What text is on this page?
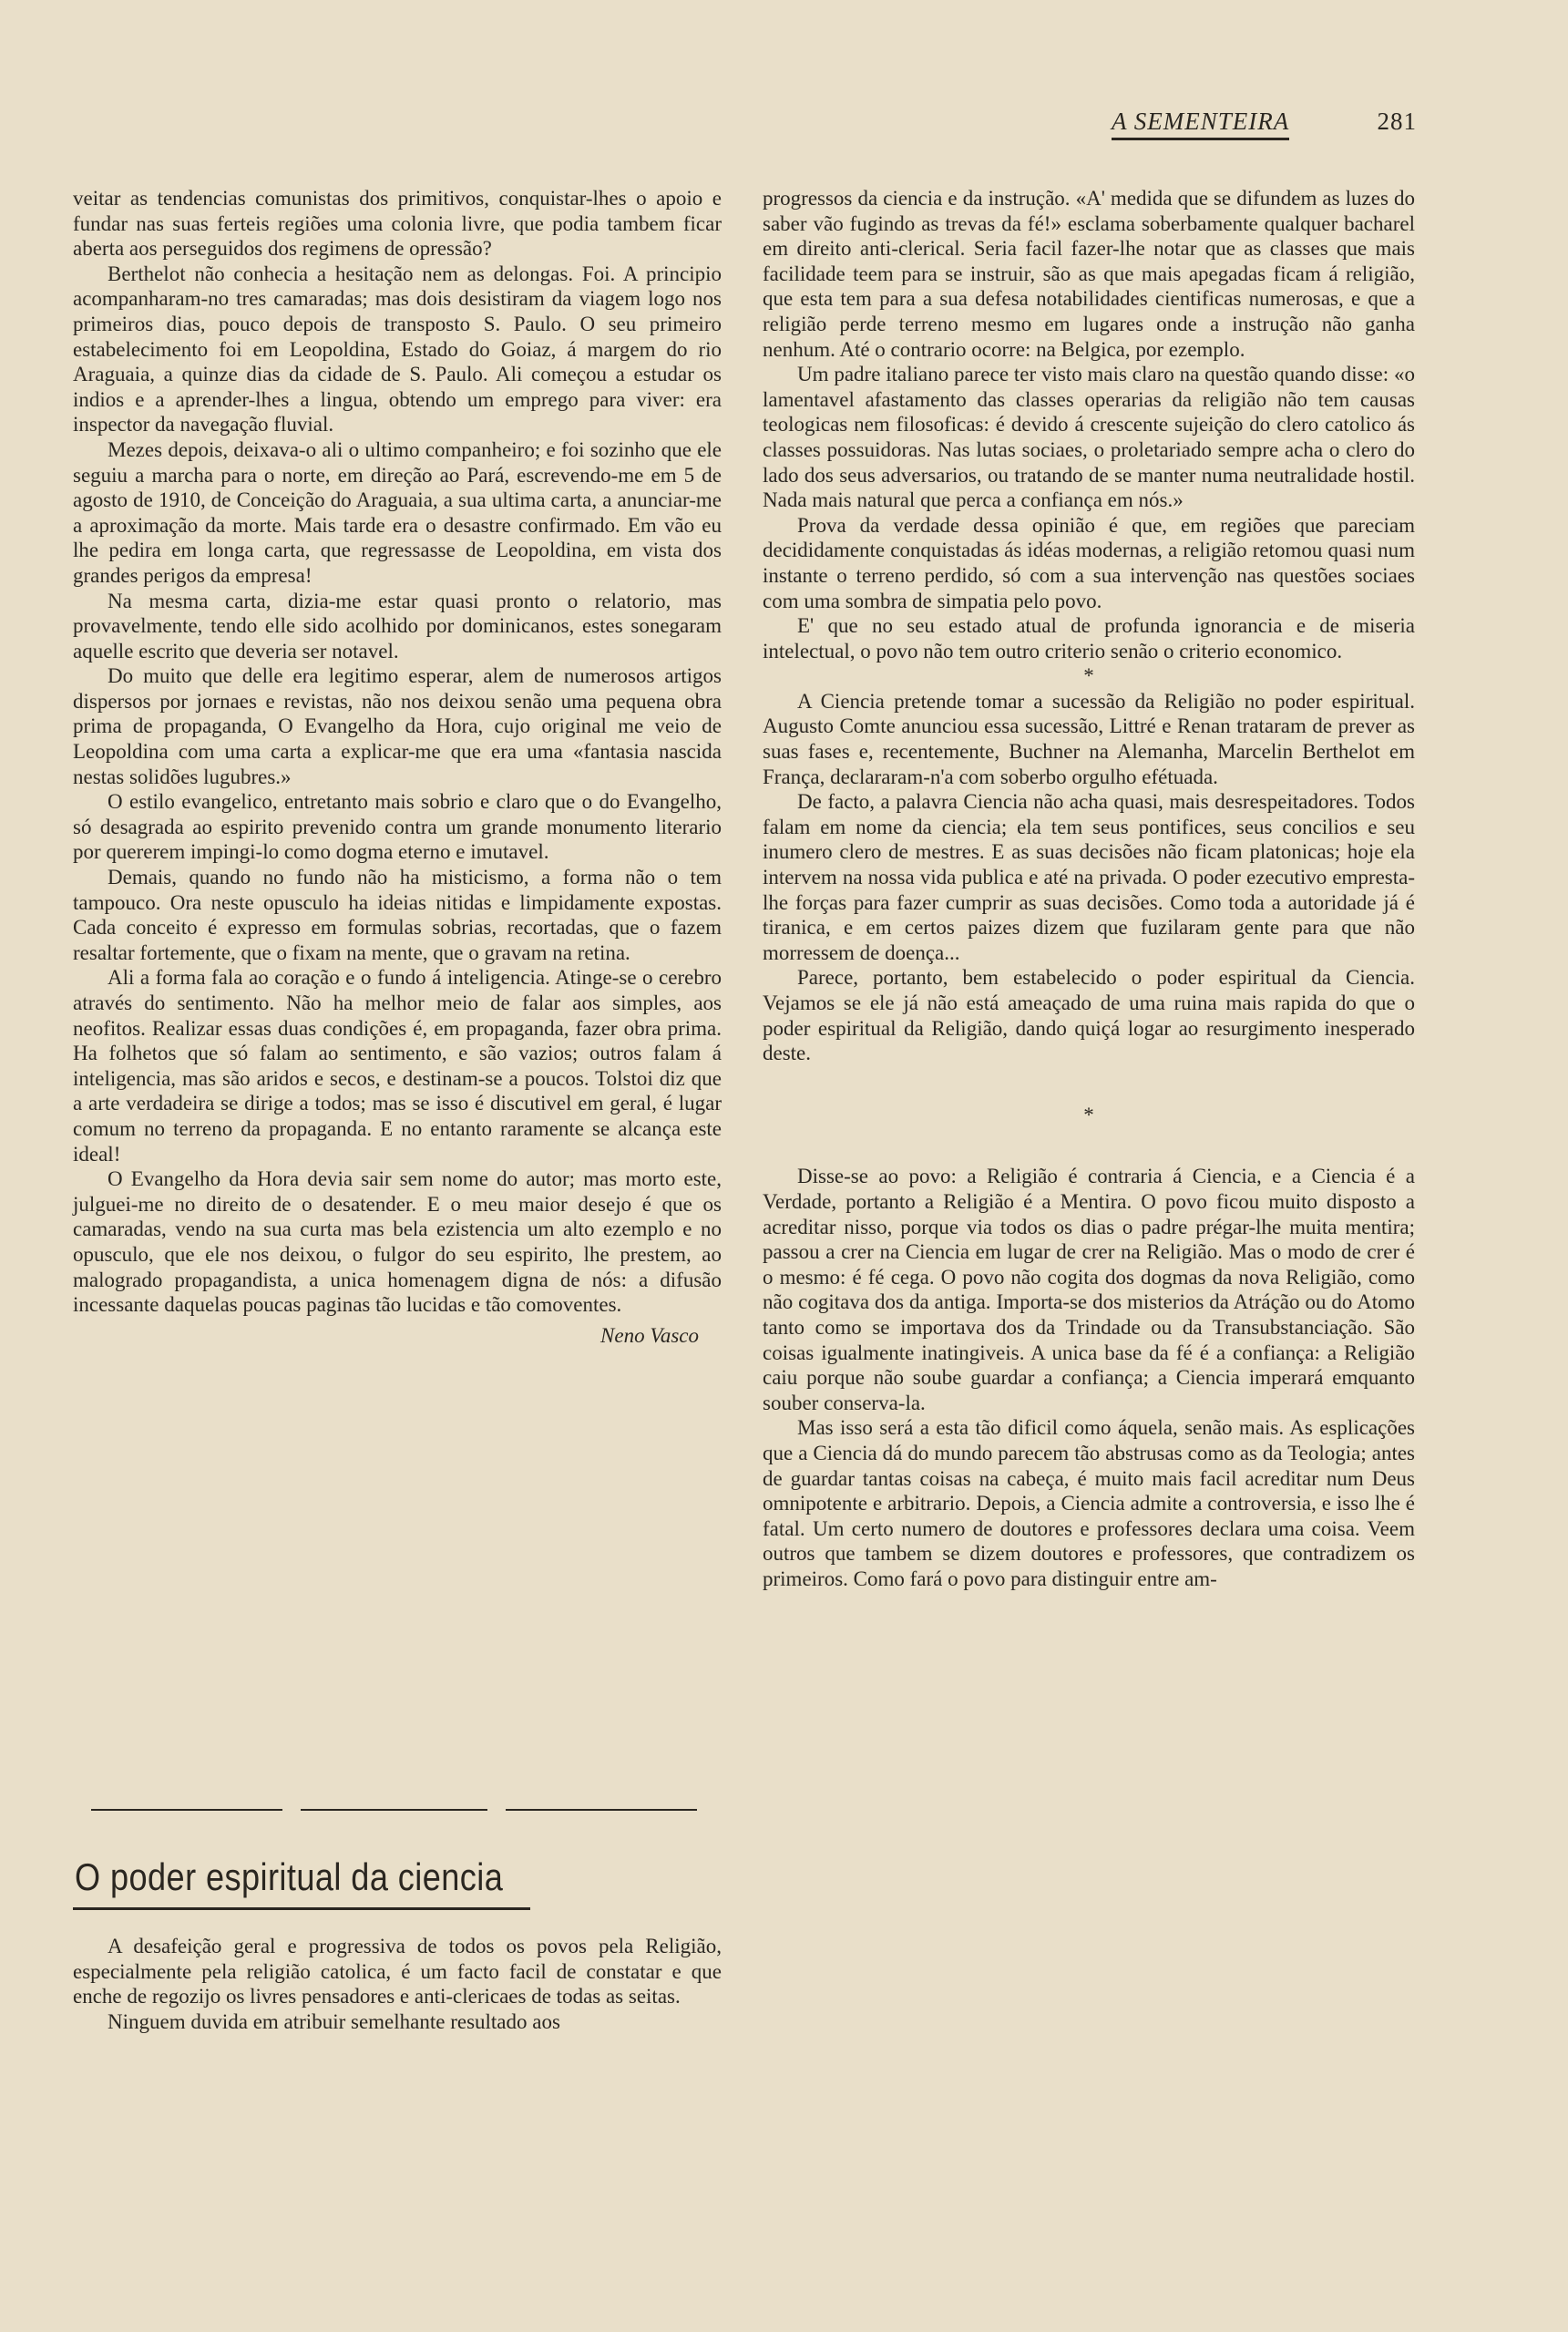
A SEMENTEIRA	281

veitar as tendencias comunistas dos primitivos, conquistar-lhes o apoio e fundar nas suas ferteis regiões uma colonia livre, que podia tambem ficar aberta aos perseguidos dos regimens de opressão?

Berthelot não conhecia a hesitação nem as delongas. Foi. A principio acompanharam-no tres camaradas; mas dois desistiram da viagem logo nos primeiros dias, pouco depois de transposto S. Paulo. O seu primeiro estabelecimento foi em Leopoldina, Estado do Goiaz, á margem do rio Araguaia, a quinze dias da cidade de S. Paulo. Ali começou a estudar os indios e a aprender-lhes a lingua, obtendo um emprego para viver: era inspector da navegação fluvial.

Mezes depois, deixava-o ali o ultimo companheiro; e foi sozinho que ele seguiu a marcha para o norte, em direção ao Pará, escrevendo-me em 5 de agosto de 1910, de Conceição do Araguaia, a sua ultima carta, a anunciar-me a aproximação da morte. Mais tarde era o desastre confirmado. Em vão eu lhe pedira em longa carta, que regressasse de Leopoldina, em vista dos grandes perigos da empresa!

Na mesma carta, dizia-me estar quasi pronto o relatorio, mas provavelmente, tendo elle sido acolhido por dominicanos, estes sonegaram aquelle escrito que deveria ser notavel.

Do muito que delle era legitimo esperar, alem de numerosos artigos dispersos por jornaes e revistas, não nos deixou senão uma pequena obra prima de propaganda, O Evangelho da Hora, cujo original me veio de Leopoldina com uma carta a explicar-me que era uma «fantasia nascida nestas solidões lugubres.»

O estilo evangelico, entretanto mais sobrio e claro que o do Evangelho, só desagrada ao espirito prevenido contra um grande monumento literario por quererem impingi-lo como dogma eterno e imutavel.

Demais, quando no fundo não ha misticismo, a forma não o tem tampouco. Ora neste opusculo ha ideias nitidas e limpidamente expostas. Cada conceito é expresso em formulas sobrias, recortadas, que o fazem resaltar fortemente, que o fixam na mente, que o gravam na retina.

Ali a forma fala ao coração e o fundo á inteligencia. Atinge-se o cerebro através do sentimento. Não ha melhor meio de falar aos simples, aos neofitos. Realizar essas duas condições é, em propaganda, fazer obra prima. Ha folhetos que só falam ao sentimento, e são vazios; outros falam á inteligencia, mas são aridos e secos, e destinam-se a poucos. Tolstoi diz que a arte verdadeira se dirige a todos; mas se isso é discutivel em geral, é lugar comum no terreno da propaganda. E no entanto raramente se alcança este ideal!

O Evangelho da Hora devia sair sem nome do autor; mas morto este, julguei-me no direito de o desatender. E o meu maior desejo é que os camaradas, vendo na sua curta mas bela ezistencia um alto ezemplo e no opusculo, que ele nos deixou, o fulgor do seu espirito, lhe prestem, ao malogrado propagandista, a unica homenagem digna de nós: a difusão incessante daquelas poucas paginas tão lucidas e tão comoventes.

Neno Vasco
O poder espiritual da ciencia

A desafeição geral e progressiva de todos os povos pela Religião, especialmente pela religião catolica, é um facto facil de constatar e que enche de regozijo os livres pensadores e anti-clericaes de todas as seitas.

Ninguem duvida em atribuir semelhante resultado aos

progressos da ciencia e da instrução. «A' medida que se difundem as luzes do saber vão fugindo as trevas da fé!» esclama soberbamente qualquer bacharel em direito anti-clerical. Seria facil fazer-lhe notar que as classes que mais facilidade teem para se instruir, são as que mais apegadas ficam á religião, que esta tem para a sua defesa notabilidades cientificas numerosas, e que a religião perde terreno mesmo em lugares onde a instrução não ganha nenhum. Até o contrario ocorre: na Belgica, por ezemplo.

Um padre italiano parece ter visto mais claro na questão quando disse: «o lamentavel afastamento das classes operarias da religião não tem causas teologicas nem filosoficas: é devido á crescente sujeição do clero catolico ás classes possuidoras. Nas lutas sociaes, o proletariado sempre acha o clero do lado dos seus adversarios, ou tratando de se manter numa neutralidade hostil. Nada mais natural que perca a confiança em nós.»

Prova da verdade dessa opinião é que, em regiões que pareciam decididamente conquistadas ás idéas modernas, a religião retomou quasi num instante o terreno perdido, só com a sua intervenção nas questões sociaes com uma sombra de simpatia pelo povo.

E' que no seu estado atual de profunda ignorancia e de miseria intelectual, o povo não tem outro criterio senão o criterio economico.

*

A Ciencia pretende tomar a sucessão da Religião no poder espiritual. Augusto Comte anunciou essa sucessão, Littré e Renan trataram de prever as suas fases e, recentemente, Buchner na Alemanha, Marcelin Berthelot em França, declararam-n'a com soberbo orgulho efétuada.

De facto, a palavra Ciencia não acha quasi, mais desrespeitadores. Todos falam em nome da ciencia; ela tem seus pontifices, seus concilios e seu inumero clero de mestres. E as suas decisões não ficam platonicas; hoje ela intervem na nossa vida publica e até na privada. O poder ezecutivo empresta-lhe forças para fazer cumprir as suas decisões. Como toda a autoridade já é tiranica, e em certos paizes dizem que fuzilaram gente para que não morressem de doença...

Parece, portanto, bem estabelecido o poder espiritual da Ciencia. Vejamos se ele já não está ameaçado de uma ruina mais rapida do que o poder espiritual da Religião, dando quiçá logar ao resurgimento inesperado deste.

*

Disse-se ao povo: a Religião é contraria á Ciencia, e a Ciencia é a Verdade, portanto a Religião é a Mentira. O povo ficou muito disposto a acreditar nisso, porque via todos os dias o padre prégar-lhe muita mentira; passou a crer na Ciencia em lugar de crer na Religião. Mas o modo de crer é o mesmo: é fé cega. O povo não cogita dos dogmas da nova Religião, como não cogitava dos da antiga. Importa-se dos misterios da Atráção ou do Atomo tanto como se importava dos da Trindade ou da Transubstanciação. São coisas igualmente inatingiveis. A unica base da fé é a confiança: a Religião caiu porque não soube guardar a confiança; a Ciencia imperará emquanto souber conserva-la.

Mas isso será a esta tão dificil como áquela, senão mais. As esplicações que a Ciencia dá do mundo parecem tão abstrusas como as da Teologia; antes de guardar tantas coisas na cabeça, é muito mais facil acreditar num Deus omnipotente e arbitrario. Depois, a Ciencia admite a controversia, e isso lhe é fatal. Um certo numero de doutores e professores declara uma coisa. Veem outros que tambem se dizem doutores e professores, que contradizem os primeiros. Como fará o povo para distinguir entre am-
